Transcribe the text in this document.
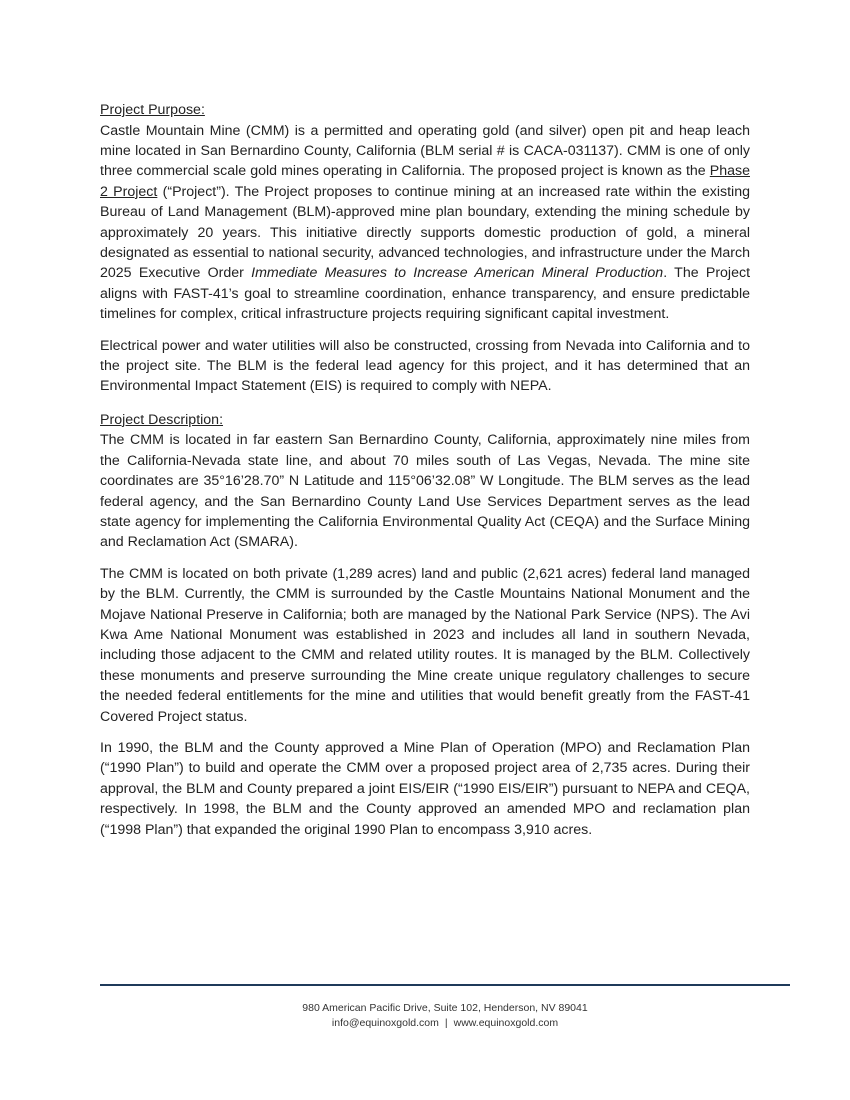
Project Purpose:

Castle Mountain Mine (CMM) is a permitted and operating gold (and silver) open pit and heap leach mine located in San Bernardino County, California (BLM serial # is CACA-031137). CMM is one of only three commercial scale gold mines operating in California. The proposed project is known as the Phase 2 Project (“Project”). The Project proposes to continue mining at an increased rate within the existing Bureau of Land Management (BLM)-approved mine plan boundary, extending the mining schedule by approximately 20 years. This initiative directly supports domestic production of gold, a mineral designated as essential to national security, advanced technologies, and infrastructure under the March 2025 Executive Order Immediate Measures to Increase American Mineral Production. The Project aligns with FAST-41’s goal to streamline coordination, enhance transparency, and ensure predictable timelines for complex, critical infrastructure projects requiring significant capital investment.

Electrical power and water utilities will also be constructed, crossing from Nevada into California and to the project site. The BLM is the federal lead agency for this project, and it has determined that an Environmental Impact Statement (EIS) is required to comply with NEPA.

Project Description:

The CMM is located in far eastern San Bernardino County, California, approximately nine miles from the California-Nevada state line, and about 70 miles south of Las Vegas, Nevada. The mine site coordinates are 35°16’28.70” N Latitude and 115°06’32.08” W Longitude. The BLM serves as the lead federal agency, and the San Bernardino County Land Use Services Department serves as the lead state agency for implementing the California Environmental Quality Act (CEQA) and the Surface Mining and Reclamation Act (SMARA).

The CMM is located on both private (1,289 acres) land and public (2,621 acres) federal land managed by the BLM. Currently, the CMM is surrounded by the Castle Mountains National Monument and the Mojave National Preserve in California; both are managed by the National Park Service (NPS). The Avi Kwa Ame National Monument was established in 2023 and includes all land in southern Nevada, including those adjacent to the CMM and related utility routes. It is managed by the BLM. Collectively these monuments and preserve surrounding the Mine create unique regulatory challenges to secure the needed federal entitlements for the mine and utilities that would benefit greatly from the FAST-41 Covered Project status.

In 1990, the BLM and the County approved a Mine Plan of Operation (MPO) and Reclamation Plan (“1990 Plan”) to build and operate the CMM over a proposed project area of 2,735 acres. During their approval, the BLM and County prepared a joint EIS/EIR (“1990 EIS/EIR”) pursuant to NEPA and CEQA, respectively. In 1998, the BLM and the County approved an amended MPO and reclamation plan (“1998 Plan”) that expanded the original 1990 Plan to encompass 3,910 acres.

980 American Pacific Drive, Suite 102, Henderson, NV 89041
info@equinoxgold.com | www.equinoxgold.com
